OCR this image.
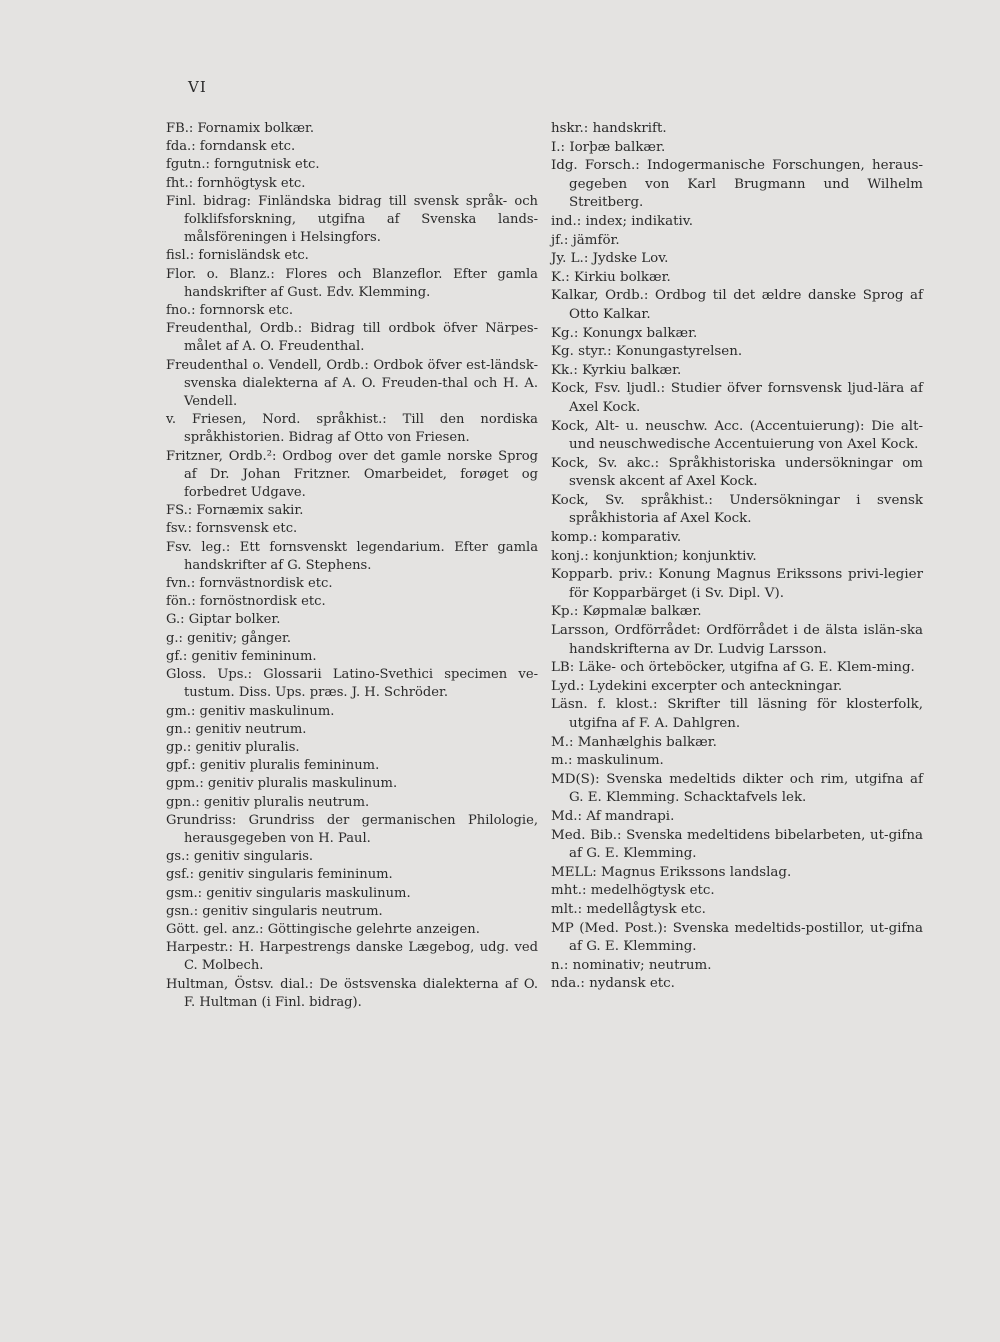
VI
FB.: Fornamix bolkær.
fda.: forndansk etc.
fgutn.: forngutnisk etc.
fht.: fornhögtysk etc.
Finl. bidrag: Finländska bidrag till svensk språk- och folklifsforskning, utgifna af Svenska lands-målsföreningen i Helsingfors.
fisl.: fornisländsk etc.
Flor. o. Blanz.: Flores och Blanzeflor. Efter gamla handskrifter af Gust. Edv. Klemming.
fno.: fornnorsk etc.
Freudenthal, Ordb.: Bidrag till ordbok öfver Närpes-målet af A. O. Freudenthal.
Freudenthal o. Vendell, Ordb.: Ordbok öfver est-ländsk-svenska dialekterna af A. O. Freuden-thal och H. A. Vendell.
v. Friesen, Nord. språkhist.: Till den nordiska språkhistorien. Bidrag af Otto von Friesen.
Fritzner, Ordb.²: Ordbog over det gamle norske Sprog af Dr. Johan Fritzner. Omarbeidet, forøget og forbedret Udgave.
FS.: Fornæmix sakir.
fsv.: fornsvensk etc.
Fsv. leg.: Ett fornsvenskt legendarium. Efter gamla handskrifter af G. Stephens.
fvn.: fornvästnordisk etc.
fön.: fornöstnordisk etc.
G.: Giptar bolker.
g.: genitiv; gånger.
gf.: genitiv femininum.
Gloss. Ups.: Glossarii Latino-Svethici specimen ve-tustum. Diss. Ups. præs. J. H. Schröder.
gm.: genitiv maskulinum.
gn.: genitiv neutrum.
gp.: genitiv pluralis.
gpf.: genitiv pluralis femininum.
gpm.: genitiv pluralis maskulinum.
gpn.: genitiv pluralis neutrum.
Grundriss: Grundriss der germanischen Philologie, herausgegeben von H. Paul.
gs.: genitiv singularis.
gsf.: genitiv singularis femininum.
gsm.: genitiv singularis maskulinum.
gsn.: genitiv singularis neutrum.
Gött. gel. anz.: Göttingische gelehrte anzeigen.
Harpestr.: H. Harpestrengs danske Lægebog, udg. ved C. Molbech.
Hultman, Östsv. dial.: De östsvenska dialekterna af O. F. Hultman (i Finl. bidrag).
hskr.: handskrift.
I.: Iorþæ balkær.
Idg. Forsch.: Indogermanische Forschungen, heraus-gegeben von Karl Brugmann und Wilhelm Streitberg.
ind.: index; indikativ.
jf.: jämför.
Jy. L.: Jydske Lov.
K.: Kirkiu bolkær.
Kalkar, Ordb.: Ordbog til det ældre danske Sprog af Otto Kalkar.
Kg.: Konungx balkær.
Kg. styr.: Konungastyrelsen.
Kk.: Kyrkiu balkær.
Kock, Fsv. ljudl.: Studier öfver fornsvensk ljud-lära af Axel Kock.
Kock, Alt- u. neuschw. Acc. (Accentuierung): Die alt- und neuschwedische Accentuierung von Axel Kock.
Kock, Sv. akc.: Språkhistoriska undersökningar om svensk akcent af Axel Kock.
Kock, Sv. språkhist.: Undersökningar i svensk språkhistoria af Axel Kock.
komp.: komparativ.
konj.: konjunktion; konjunktiv.
Kopparb. priv.: Konung Magnus Erikssons privi-legier för Kopparbärget (i Sv. Dipl. V).
Kp.: Køpmalæ balkær.
Larsson, Ordförrådet: Ordförrådet i de älsta islän-ska handskrifterna av Dr. Ludvig Larsson.
LB: Läke- och örteböcker, utgifna af G. E. Klem-ming.
Lyd.: Lydekini excerpter och anteckningar.
Läsn. f. klost.: Skrifter till läsning för klosterfolk, utgifna af F. A. Dahlgren.
M.: Manhælghis balkær.
m.: maskulinum.
MD(S): Svenska medeltids dikter och rim, utgifna af G. E. Klemming. Schacktafvels lek.
Md.: Af mandrapi.
Med. Bib.: Svenska medeltidens bibelarbeten, ut-gifna af G. E. Klemming.
MELL: Magnus Erikssons landslag.
mht.: medelhögtysk etc.
mlt.: medellågtysk etc.
MP (Med. Post.): Svenska medeltids-postillor, ut-gifna af G. E. Klemming.
n.: nominativ; neutrum.
nda.: nydansk etc.
